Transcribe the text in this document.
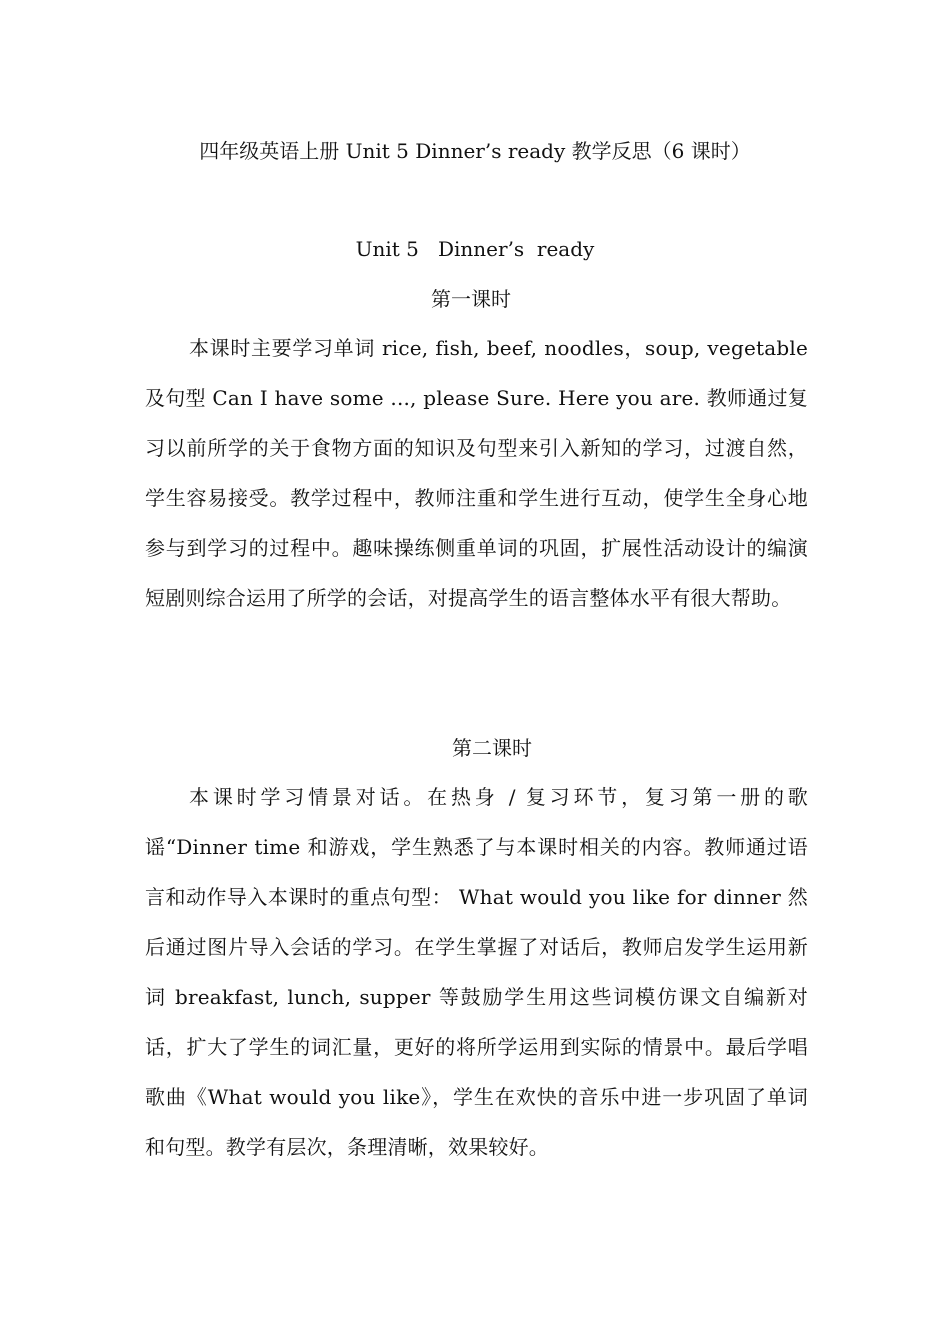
四年级英语上册 Unit 5 Dinner’s ready 教学反思（6 课时）
Unit 5   Dinner’s  ready
第一课时
本课时主要学习单词 rice, fish, beef, noodles，soup, vegetable 及句型 Can I have some ..., please Sure. Here you are. 教师通过复习以前所学的关于食物方面的知识及句型来引入新知的学习，过渡自然，学生容易接受。教学过程中，教师注重和学生进行互动，使学生全身心地参与到学习的过程中。趣味操练侧重单词的巩固，扩展性活动设计的编演短剧则综合运用了所学的会话，对提高学生的语言整体水平有很大帮助。
第二课时
本课时学习情景对话。在热身 / 复习环节，复习第一册的歌谣“Dinner time 和游戏，学生熟悉了与本课时相关的内容。教师通过语言和动作导入本课时的重点句型： What would you like for dinner 然后通过图片导入会话的学习。在学生掌握了对话后，教师启发学生运用新词 breakfast, lunch, supper 等鼓励学生用这些词模仿课文自编新对话，扩大了学生的词汇量，更好的将所学运用到实际的情景中。最后学唱歌曲《What would you like》，学生在欢快的音乐中进一步巩固了单词和句型。教学有层次，条理清晰，效果较好。
